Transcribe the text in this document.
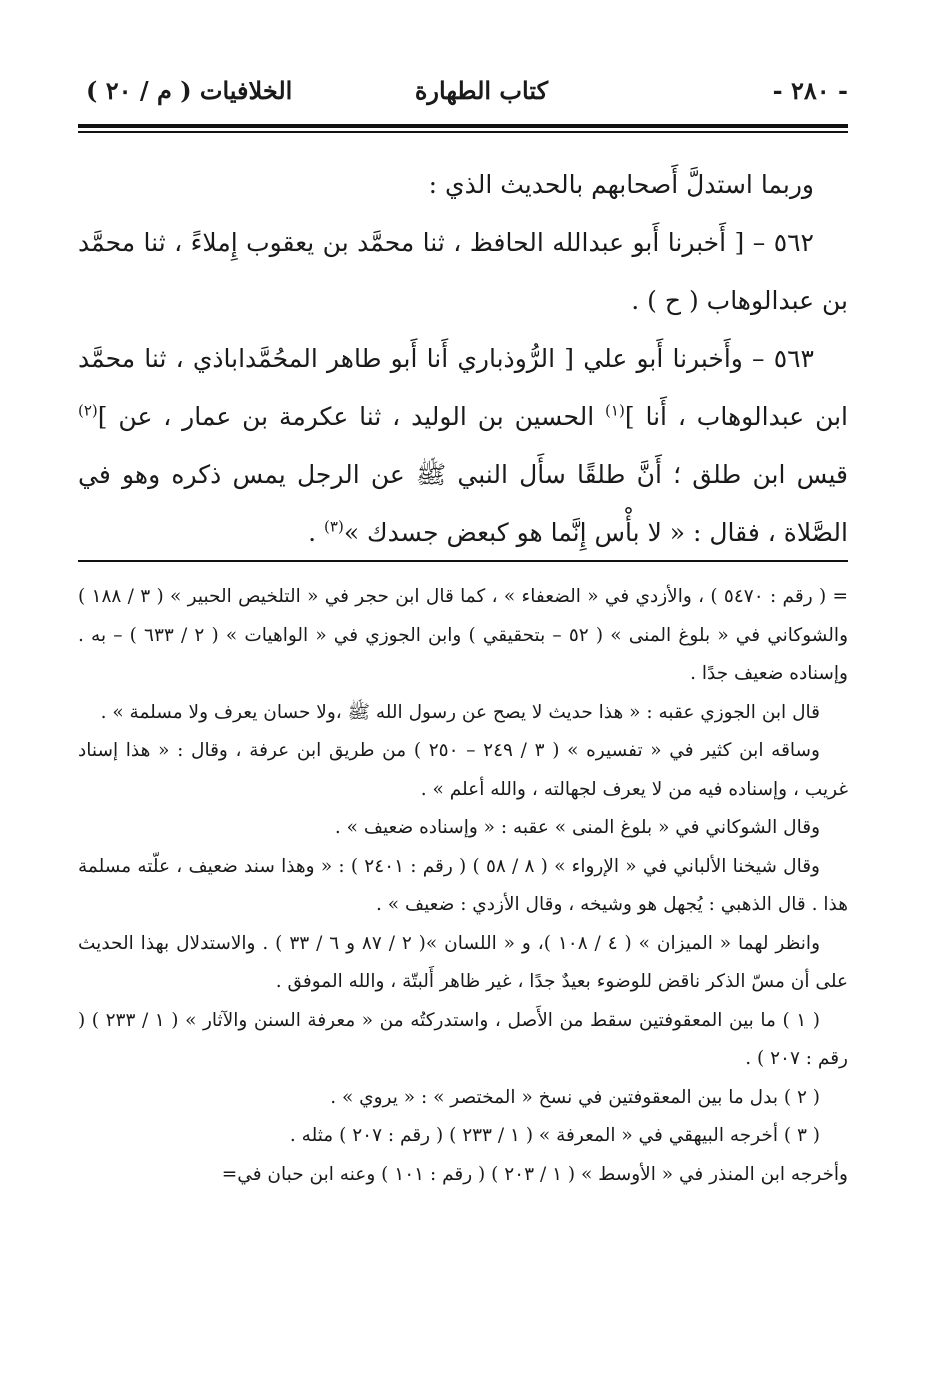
- ٢٨٠ -
كتاب الطهارة
الخلافيات ( م / ٢٠ )

وربما استدلَّ أَصحابهم بالحديث الذي :

٥٦٢ – [ أَخبرنا أَبو عبدالله الحافظ ، ثنا محمَّد بن يعقوب إِملاءً ، ثنا محمَّد بن عبدالوهاب ( ح ) .

٥٦٣ – وأَخبرنا أَبو علي [ الرُّوذباري أَنا أَبو طاهر المحُمَّداباذي ، ثنا محمَّد ابن عبدالوهاب ، أَنا ]$^{(١)}$ الحسين بن الوليد ، ثنا عكرمة بن عمار ، عن ]$^{(٢)}$ قيس ابن طلق ؛ أَنَّ طلقًا سأَل النبي ﷺ عن الرجل يمس ذكره وهو في الصَّلاة ، فقال : « لا بأْس إِنَّما هو كبعض جسدك »$^{(٣)}$ .

= ( رقم : ٥٤٧٠ ) ، والأزدي في « الضعفاء » ، كما قال ابن حجر في « التلخيص الحبير » ( ٣ / ١٨٨ ) والشوكاني في « بلوغ المنى » ( ٥٢ – بتحقيقي ) وابن الجوزي في « الواهيات » ( ٢ / ٦٣٣ ) – به . وإسناده ضعيف جدًا .

قال ابن الجوزي عقبه : « هذا حديث لا يصح عن رسول الله ﷺ ،ولا حسان يعرف ولا مسلمة » .

وساقه ابن كثير في « تفسيره » ( ٣ / ٢٤٩ – ٢٥٠ ) من طريق ابن عرفة ، وقال : « هذا إسناد غريب ، وإسناده فيه من لا يعرف لجهالته ، والله أعلم » .

وقال الشوكاني في « بلوغ المنى » عقبه : « وإسناده ضعيف » .

وقال شيخنا الألباني في « الإرواء » ( ٨ / ٥٨ ) ( رقم : ٢٤٠١ ) : « وهذا سند ضعيف ، علّته مسلمة هذا . قال الذهبي : يُجهل هو وشيخه ، وقال الأزدي : ضعيف » .

وانظر لهما « الميزان » ( ٤ / ١٠٨ )، و « اللسان »( ٢ / ٨٧ و ٦ / ٣٣ ) . والاستدلال بهذا الحديث على أن مسّ الذكر ناقض للوضوء بعيدٌ جدًا ، غير ظاهر أَلبتّة ، والله الموفق .

( ١ ) ما بين المعقوفتين سقط من الأَصل ، واستدركتُه من « معرفة السنن والآثار » ( ١ / ٢٣٣ ) ( رقم : ٢٠٧ ) .

( ٢ ) بدل ما بين المعقوفتين في نسخ « المختصر » : « يروي » .

( ٣ ) أخرجه البيهقي في « المعرفة » ( ١ / ٢٣٣ ) ( رقم : ٢٠٧ ) مثله .

وأخرجه ابن المنذر في « الأوسط » ( ١ / ٢٠٣ ) ( رقم : ١٠١ ) وعنه ابن حبان في=
